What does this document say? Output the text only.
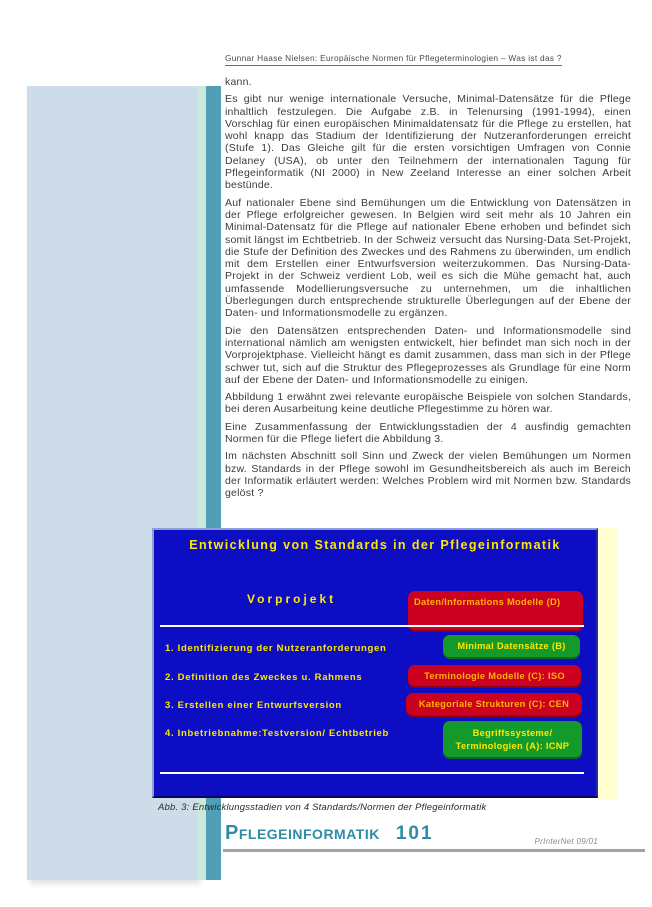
Gunnar Haase Nielsen: Europäische Normen für Pflegeterminologien – Was ist das ?

kann.

Es gibt nur wenige internationale Versuche, Minimal-Datensätze für die Pflege inhaltlich festzulegen. Die Aufgabe z.B. in Telenursing (1991-1994), einen Vorschlag für einen europäischen Minimaldatensatz für die Pflege zu erstellen, hat wohl knapp das Stadium der Identifizierung der Nutzeranforderungen erreicht (Stufe 1). Das Gleiche gilt für die ersten vorsichtigen Umfragen von Connie Delaney (USA), ob unter den Teilnehmern der internationalen Tagung für Pflegeinformatik (NI 2000) in New Zeeland Interesse an einer solchen Arbeit bestünde.

Auf nationaler Ebene sind Bemühungen um die Entwicklung von Datensätzen in der Pflege erfolgreicher gewesen. In Belgien wird seit mehr als 10 Jahren ein Minimal-Datensatz für die Pflege auf nationaler Ebene erhoben und befindet sich somit längst im Echtbetrieb. In der Schweiz versucht das Nursing-Data Set-Projekt, die Stufe der Definition des Zweckes und des Rahmens zu überwinden, um endlich mit dem Erstellen einer Entwurfsversion weiterzukommen. Das Nursing-Data-Projekt in der Schweiz verdient Lob, weil es sich die Mühe gemacht hat, auch umfassende Modellierungsversuche zu unternehmen, um die inhaltlichen Überlegungen durch entsprechende strukturelle Überlegungen auf der Ebene der Daten- und Informationsmodelle zu ergänzen.

Die den Datensätzen entsprechenden Daten- und Informationsmodelle sind international nämlich am wenigsten entwickelt, hier befindet man sich noch in der Vorprojektphase. Vielleicht hängt es damit zusammen, dass man sich in der Pflege schwer tut, sich auf die Struktur des Pflegeprozesses als Grundlage für eine Norm auf der Ebene der Daten- und Informationsmodelle zu einigen.

Abbildung 1 erwähnt zwei relevante europäische Beispiele von solchen Standards, bei deren Ausarbeitung keine deutliche Pflegestimme zu hören war.

Eine Zusammenfassung der Entwicklungsstadien der 4 ausfindig gemachten Normen für die Pflege liefert die Abbildung 3.

Im nächsten Abschnitt soll Sinn und Zweck der vielen Bemühungen um Normen bzw. Standards in der Pflege sowohl im Gesundheitsbereich als auch im Bereich der Informatik erläutert werden: Welches Problem wird mit Normen bzw. Standards gelöst ?

Entwicklung von Standards in der Pflegeinformatik
Vorprojekt	Daten/Informations Modelle (D)
1. Identifizierung der Nutzeranforderungen	Minimal Datensätze (B)
2. Definition des Zweckes u. Rahmens	Terminologie Modelle (C): ISO
3. Erstellen einer Entwurfsversion	Kategoriale Strukturen (C): CEN
4. Inbetriebnahme:Testversion/ Echtbetrieb	Begriffssysteme/ Terminologien (A): ICNP
Abb. 3: Entwicklungsstadien von 4 Standards/Normen der Pflegeinformatik
Pflegeinformatik 101	PrInterNet 09/01
